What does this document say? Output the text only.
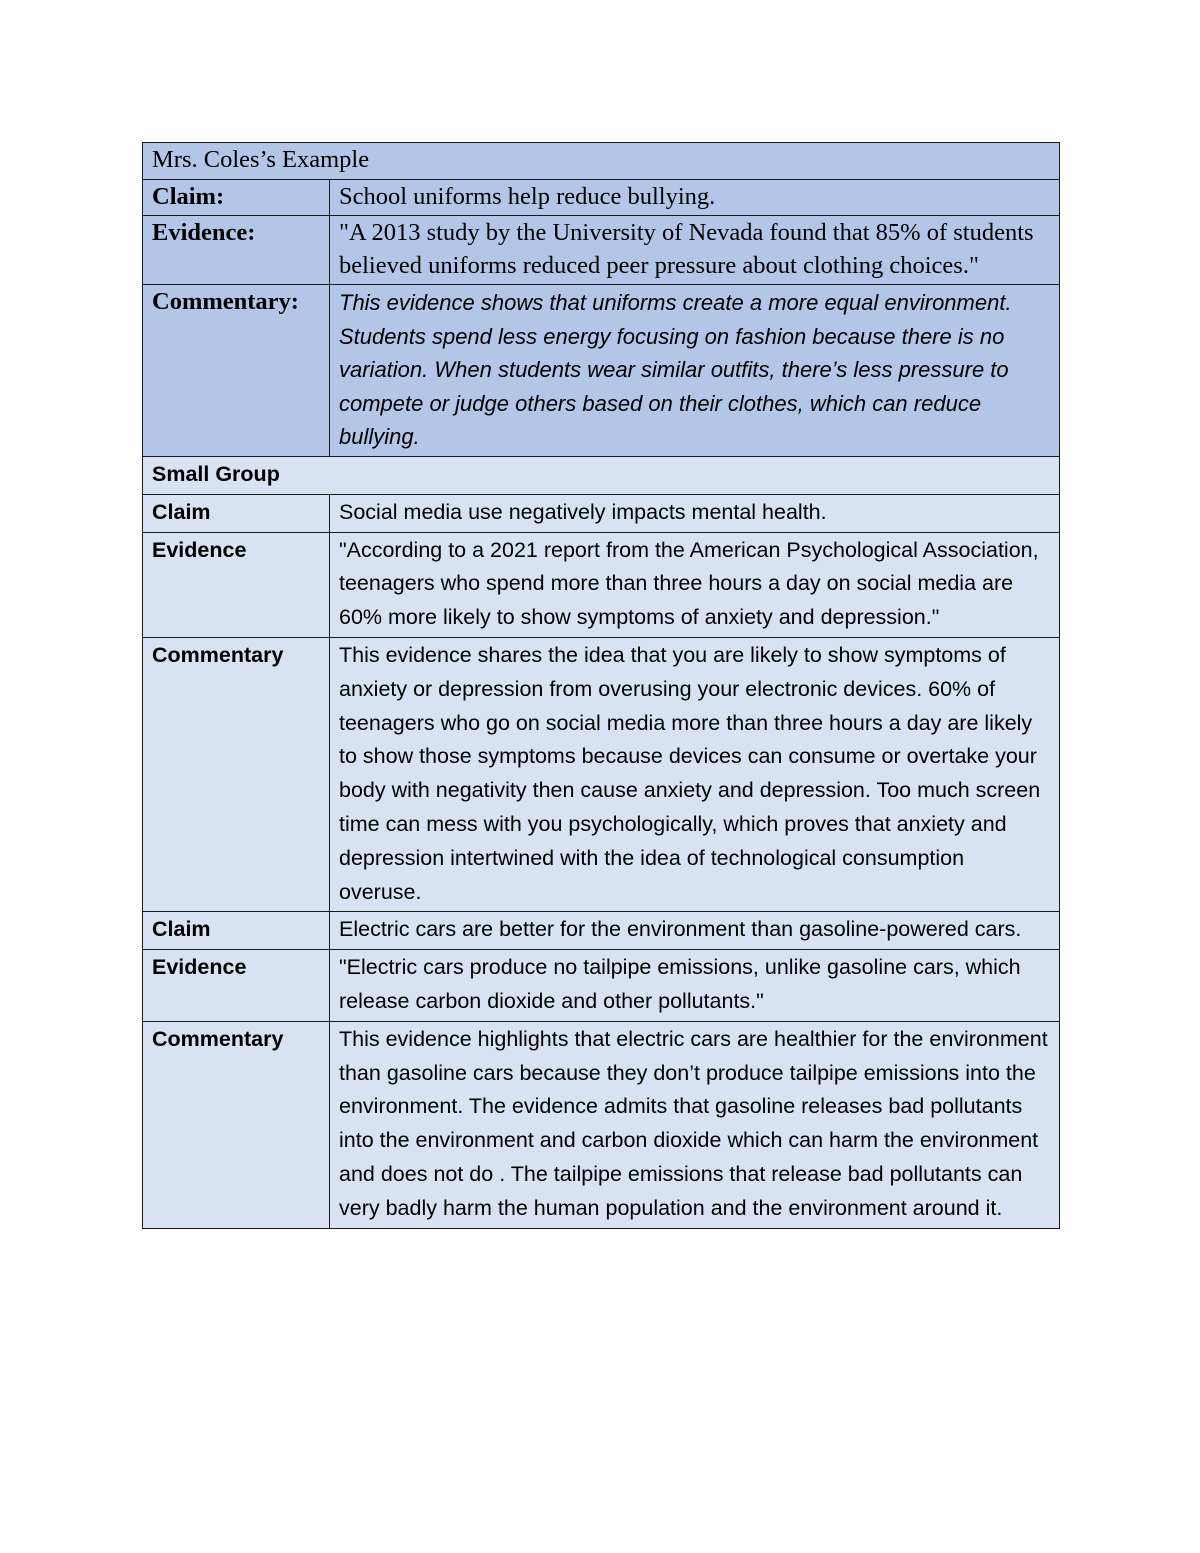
Mrs. Coles’s Example	
Claim:	School uniforms help reduce bullying.
Evidence:	"A 2013 study by the University of Nevada found that 85% of students believed uniforms reduced peer pressure about clothing choices."
Commentary:	This evidence shows that uniforms create a more equal environment. Students spend less energy focusing on fashion because there is no variation. When students wear similar outfits, there’s less pressure to compete or judge others based on their clothes, which can reduce bullying.
Small Group	
Claim	Social media use negatively impacts mental health.
Evidence	"According to a 2021 report from the American Psychological Association, teenagers who spend more than three hours a day on social media are 60% more likely to show symptoms of anxiety and depression."
Commentary	This evidence shares the idea that you are likely to show symptoms of anxiety or depression from overusing your electronic devices. 60% of teenagers who go on social media more than three hours a day are likely to show those symptoms because devices can consume or overtake your body with negativity then cause anxiety and depression. Too much screen time can mess with you psychologically, which proves that anxiety and depression intertwined with the idea of technological consumption overuse.
Claim	Electric cars are better for the environment than gasoline-powered cars.
Evidence	"Electric cars produce no tailpipe emissions, unlike gasoline cars, which release carbon dioxide and other pollutants."
Commentary	This evidence highlights that electric cars are healthier for the environment than gasoline cars because they don’t produce tailpipe emissions into the environment. The evidence admits that gasoline releases bad pollutants into the environment and carbon dioxide which can harm the environment and does not do . The tailpipe emissions that release bad pollutants can very badly harm the human population and the environment around it.
